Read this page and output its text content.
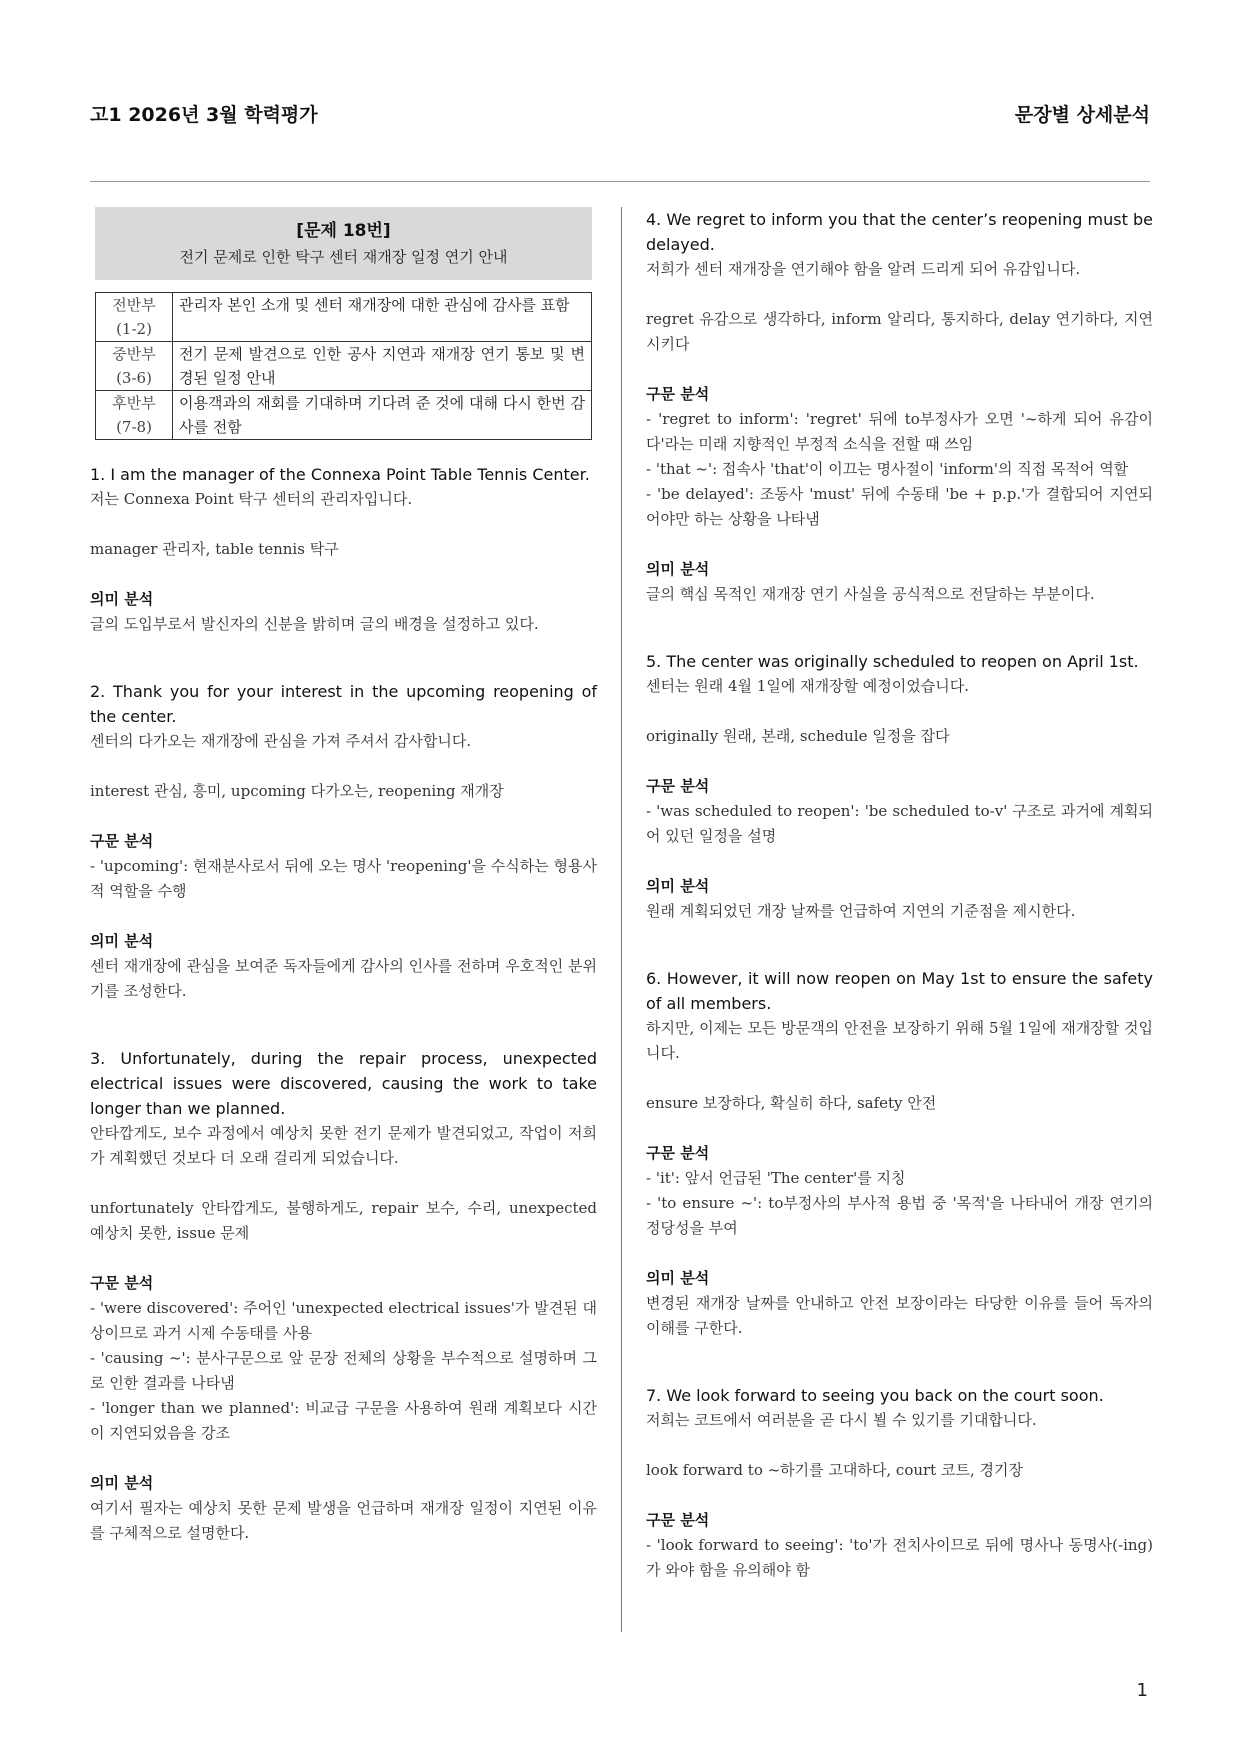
고1 2026년 3월 학력평가	문장별 상세분석
[문제 18번]
전기 문제로 인한 탁구 센터 재개장 일정 연기 안내
전반부
(1-2)	관리자 본인 소개 및 센터 재개장에 대한 관심에 감사를 표함
중반부
(3-6)	전기 문제 발견으로 인한 공사 지연과 재개장 연기 통보 및 변경된 일정 안내
후반부
(7-8)	이용객과의 재회를 기대하며 기다려 준 것에 대해 다시 한번 감사를 전함
1. I am the manager of the Connexa Point Table Tennis Center.
저는 Connexa Point 탁구 센터의 관리자입니다.
manager 관리자, table tennis 탁구
의미 분석
글의 도입부로서 발신자의 신분을 밝히며 글의 배경을 설정하고 있다.
2. Thank you for your interest in the upcoming reopening of the center.
센터의 다가오는 재개장에 관심을 가져 주셔서 감사합니다.
interest 관심, 흥미, upcoming 다가오는, reopening 재개장
구문 분석
- 'upcoming': 현재분사로서 뒤에 오는 명사 'reopening'을 수식하는 형용사적 역할을 수행
의미 분석
센터 재개장에 관심을 보여준 독자들에게 감사의 인사를 전하며 우호적인 분위기를 조성한다.
3. Unfortunately, during the repair process, unexpected electrical issues were discovered, causing the work to take longer than we planned.
안타깝게도, 보수 과정에서 예상치 못한 전기 문제가 발견되었고, 작업이 저희가 계획했던 것보다 더 오래 걸리게 되었습니다.
unfortunately 안타깝게도, 불행하게도, repair 보수, 수리, unexpected 예상치 못한, issue 문제
구문 분석
- 'were discovered': 주어인 'unexpected electrical issues'가 발견된 대상이므로 과거 시제 수동태를 사용
- 'causing ~': 분사구문으로 앞 문장 전체의 상황을 부수적으로 설명하며 그로 인한 결과를 나타냄
- 'longer than we planned': 비교급 구문을 사용하여 원래 계획보다 시간이 지연되었음을 강조
의미 분석
여기서 필자는 예상치 못한 문제 발생을 언급하며 재개장 일정이 지연된 이유를 구체적으로 설명한다.
4. We regret to inform you that the center’s reopening must be delayed.
저희가 센터 재개장을 연기해야 함을 알려 드리게 되어 유감입니다.
regret 유감으로 생각하다, inform 알리다, 통지하다, delay 연기하다, 지연시키다
구문 분석
- 'regret to inform': 'regret' 뒤에 to부정사가 오면 '~하게 되어 유감이다'라는 미래 지향적인 부정적 소식을 전할 때 쓰임
- 'that ~': 접속사 'that'이 이끄는 명사절이 'inform'의 직접 목적어 역할
- 'be delayed': 조동사 'must' 뒤에 수동태 'be + p.p.'가 결합되어 지연되어야만 하는 상황을 나타냄
의미 분석
글의 핵심 목적인 재개장 연기 사실을 공식적으로 전달하는 부분이다.
5. The center was originally scheduled to reopen on April 1st.
센터는 원래 4월 1일에 재개장할 예정이었습니다.
originally 원래, 본래, schedule 일정을 잡다
구문 분석
- 'was scheduled to reopen': 'be scheduled to-v' 구조로 과거에 계획되어 있던 일정을 설명
의미 분석
원래 계획되었던 개장 날짜를 언급하여 지연의 기준점을 제시한다.
6. However, it will now reopen on May 1st to ensure the safety of all members.
하지만, 이제는 모든 방문객의 안전을 보장하기 위해 5월 1일에 재개장할 것입니다.
ensure 보장하다, 확실히 하다, safety 안전
구문 분석
- 'it': 앞서 언급된 'The center'를 지칭
- 'to ensure ~': to부정사의 부사적 용법 중 '목적'을 나타내어 개장 연기의 정당성을 부여
의미 분석
변경된 재개장 날짜를 안내하고 안전 보장이라는 타당한 이유를 들어 독자의 이해를 구한다.
7. We look forward to seeing you back on the court soon.
저희는 코트에서 여러분을 곧 다시 뵐 수 있기를 기대합니다.
look forward to ~하기를 고대하다, court 코트, 경기장
구문 분석
- 'look forward to seeing': 'to'가 전치사이므로 뒤에 명사나 동명사(-ing)가 와야 함을 유의해야 함
1
